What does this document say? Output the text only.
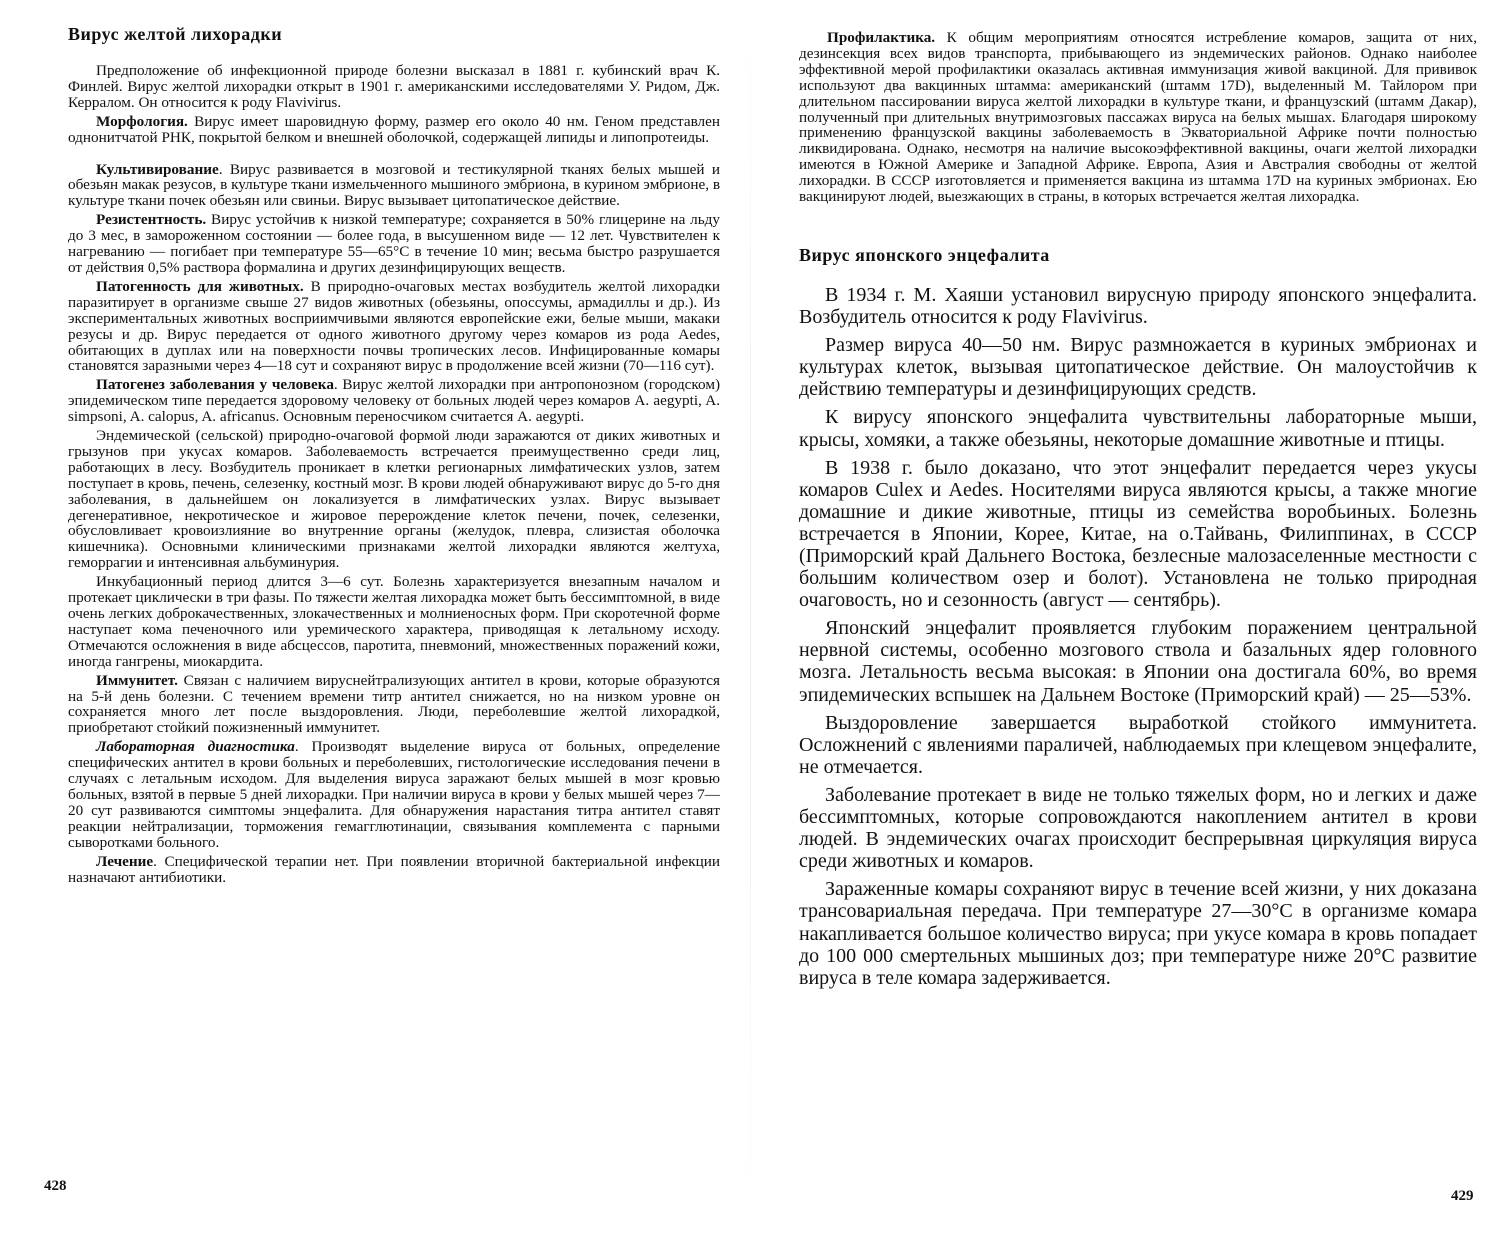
Вирус желтой лихорадки

Предположение об инфекционной природе болезни высказал в 1881 г. кубинский врач К. Финлей. Вирус желтой лихорадки открыт в 1901 г. американскими исследователями У. Ридом, Дж. Керралом. Он относится к роду Flavivirus.

Морфология. Вирус имеет шаровидную форму, размер его около 40 нм. Геном представлен однонитчатой РНК, покрытой белком и внешней оболочкой, содержащей липиды и липопротеиды.

Культивирование. Вирус развивается в мозговой и тестикулярной тканях белых мышей и обезьян макак резусов, в культуре ткани измельченного мышиного эмбриона, в курином эмбрионе, в культуре ткани почек обезьян или свиньи. Вирус вызывает цитопатическое действие.

Резистентность. Вирус устойчив к низкой температуре; сохраняется в 50% глицерине на льду до 3 мес, в замороженном состоянии — более года, в высушенном виде — 12 лет. Чувствителен к нагреванию — погибает при температуре 55—65°С в течение 10 мин; весьма быстро разрушается от действия 0,5% раствора формалина и других дезинфицирующих веществ.

Патогенность для животных. В природно-очаговых местах возбудитель желтой лихорадки паразитирует в организме свыше 27 видов животных (обезьяны, опоссумы, армадиллы и др.). Из экспериментальных животных восприимчивыми являются европейские ежи, белые мыши, макаки резусы и др. Вирус передается от одного животного другому через комаров из рода Aedes, обитающих в дуплах или на поверхности почвы тропических лесов. Инфицированные комары становятся заразными через 4—18 сут и сохраняют вирус в продолжение всей жизни (70—116 сут).

Патогенез заболевания у человека. Вирус желтой лихорадки при антропонозном (городском) эпидемическом типе передается здоровому человеку от больных людей через комаров A. aegypti, A. simpsoni, A. calopus, A. africanus. Основным переносчиком считается A. aegypti.

Эндемической (сельской) природно-очаговой формой люди заражаются от диких животных и грызунов при укусах комаров. Заболеваемость встречается преимущественно среди лиц, работающих в лесу. Возбудитель проникает в клетки регионарных лимфатических узлов, затем поступает в кровь, печень, селезенку, костный мозг. В крови людей обнаруживают вирус до 5-го дня заболевания, в дальнейшем он локализуется в лимфатических узлах. Вирус вызывает дегенеративное, некротическое и жировое перерождение клеток печени, почек, селезенки, обусловливает кровоизлияние во внутренние органы (желудок, плевра, слизистая оболочка кишечника). Основными клиническими признаками желтой лихорадки являются желтуха, геморрагии и интенсивная альбуминурия.

Инкубационный период длится 3—6 сут. Болезнь характеризуется внезапным началом и протекает циклически в три фазы. По тяжести желтая лихорадка может быть бессимптомной, в виде очень легких доброкачественных, злокачественных и молниеносных форм. При скоротечной форме наступает кома печеночного или уремического характера, приводящая к летальному исходу. Отмечаются осложнения в виде абсцессов, паротита, пневмоний, множественных поражений кожи, иногда гангрены, миокардита.

Иммунитет. Связан с наличием вируснейтрализующих антител в крови, которые образуются на 5-й день болезни. С течением времени титр антител снижается, но на низком уровне он сохраняется много лет после выздоровления. Люди, переболевшие желтой лихорадкой, приобретают стойкий пожизненный иммунитет.

Лабораторная диагностика. Производят выделение вируса от больных, определение специфических антител в крови больных и переболевших, гистологические исследования печени в случаях с летальным исходом. Для выделения вируса заражают белых мышей в мозг кровью больных, взятой в первые 5 дней лихорадки. При наличии вируса в крови у белых мышей через 7—20 сут развиваются симптомы энцефалита. Для обнаружения нарастания титра антител ставят реакции нейтрализации, торможения гемагглютинации, связывания комплемента с парными сыворотками больного.

Лечение. Специфической терапии нет. При появлении вторичной бактериальной инфекции назначают антибиотики.

428

Профилактика. К общим мероприятиям относятся истребление комаров, защита от них, дезинсекция всех видов транспорта, прибывающего из эндемических районов. Однако наиболее эффективной мерой профилактики оказалась активная иммунизация живой вакциной. Для прививок используют два вакцинных штамма: американский (штамм 17D), выделенный М. Тайлором при длительном пассировании вируса желтой лихорадки в культуре ткани, и французский (штамм Дакар), полученный при длительных внутримозговых пассажах вируса на белых мышах. Благодаря широкому применению французской вакцины заболеваемость в Экваториальной Африке почти полностью ликвидирована. Однако, несмотря на наличие высокоэффективной вакцины, очаги желтой лихорадки имеются в Южной Америке и Западной Африке. Европа, Азия и Австралия свободны от желтой лихорадки. В СССР изготовляется и применяется вакцина из штамма 17D на куриных эмбрионах. Ею вакцинируют людей, выезжающих в страны, в которых встречается желтая лихорадка.

Вирус японского энцефалита

В 1934 г. М. Хаяши установил вирусную природу японского энцефалита. Возбудитель относится к роду Flavivirus.

Размер вируса 40—50 нм. Вирус размножается в куриных эмбрионах и культурах клеток, вызывая цитопатическое действие. Он малоустойчив к действию температуры и дезинфицирующих средств.

К вирусу японского энцефалита чувствительны лабораторные мыши, крысы, хомяки, а также обезьяны, некоторые домашние животные и птицы.

В 1938 г. было доказано, что этот энцефалит передается через укусы комаров Culex и Aedes. Носителями вируса являются крысы, а также многие домашние и дикие животные, птицы из семейства воробьиных. Болезнь встречается в Японии, Корее, Китае, на о.Тайвань, Филиппинах, в СССР (Приморский край Дальнего Востока, безлесные малозаселенные местности с большим количеством озер и болот). Установлена не только природная очаговость, но и сезонность (август — сентябрь).

Японский энцефалит проявляется глубоким поражением центральной нервной системы, особенно мозгового ствола и базальных ядер головного мозга. Летальность весьма высокая: в Японии она достигала 60%, во время эпидемических вспышек на Дальнем Востоке (Приморский край) — 25—53%.

Выздоровление завершается выработкой стойкого иммунитета. Осложнений с явлениями параличей, наблюдаемых при клещевом энцефалите, не отмечается.

Заболевание протекает в виде не только тяжелых форм, но и легких и даже бессимптомных, которые сопровождаются накоплением антител в крови людей. В эндемических очагах происходит беспрерывная циркуляция вируса среди животных и комаров.

Зараженные комары сохраняют вирус в течение всей жизни, у них доказана трансовариальная передача. При температуре 27—30°С в организме комара накапливается большое количество вируса; при укусе комара в кровь попадает до 100 000 смертельных мышиных доз; при температуре ниже 20°С развитие вируса в теле комара задерживается.

429
